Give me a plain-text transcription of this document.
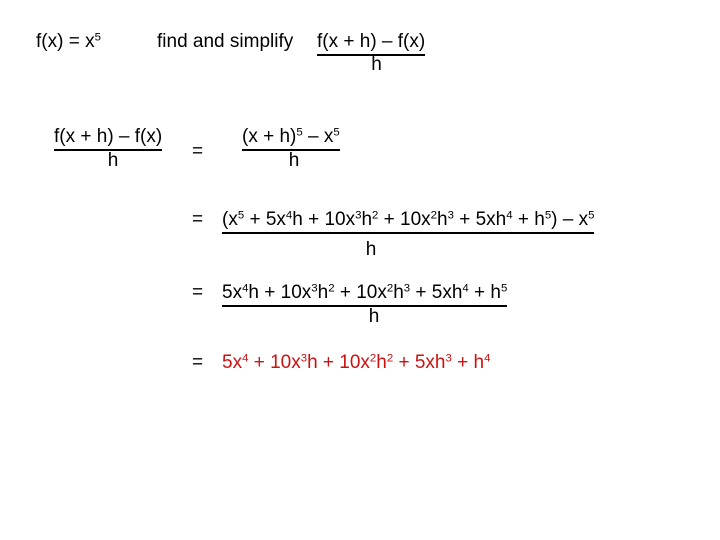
$f(x) = x^5$	find and simplify f(x + h) – f(x)
h
f(x + h) – f(x)
h	=
$(x + h)^5 - x^5$
h
= $(x^5 + 5x^4h + 10x^3h^2 + 10x^2h^3 + 5xh^4 + h^5) - x^5$
h
= $5x^4h + 10x^3h^2 + 10x^2h^3 + 5xh^4 + h^5$
h
= $5x^4 + 10x^3h + 10x^2h^2 + 5xh^3 + h^4$
